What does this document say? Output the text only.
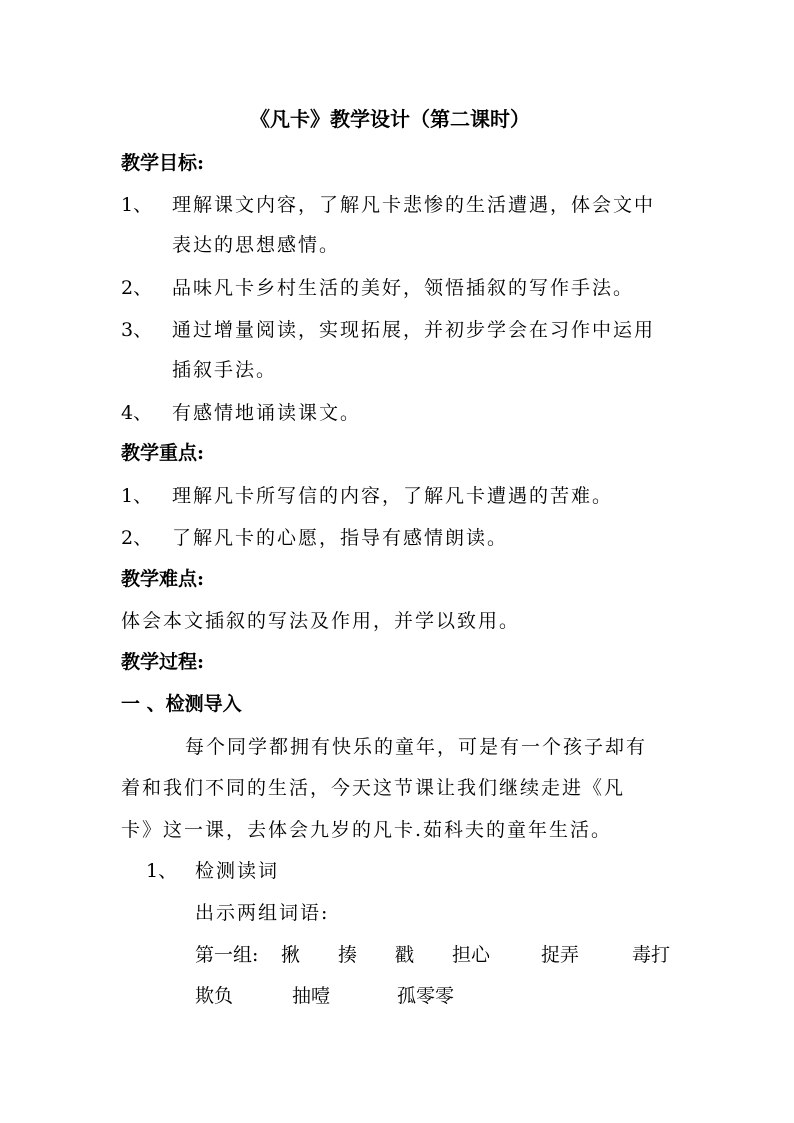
《凡卡》教学设计（第二课时）
教学目标:
1、	理解课文内容，了解凡卡悲惨的生活遭遇，体会文中
表达的思想感情。
2、	品味凡卡乡村生活的美好，领悟插叙的写作手法。
3、	通过增量阅读，实现拓展，并初步学会在习作中运用
插叙手法。
4、	有感情地诵读课文。
教学重点:
1、	理解凡卡所写信的内容，了解凡卡遭遇的苦难。
2、	了解凡卡的心愿，指导有感情朗读。
教学难点:
体会本文插叙的写法及作用，并学以致用。
教学过程:
一 、检测导入
每个同学都拥有快乐的童年，可是有一个孩子却有
着和我们不同的生活，今天这节课让我们继续走进《凡
卡》这一课，去体会九岁的凡卡.茹科夫的童年生活。
1、 检测读词
出示两组词语:
第一组: 揪 揍 戳 担心	捉弄	毒打
欺负	抽噎	孤零零
